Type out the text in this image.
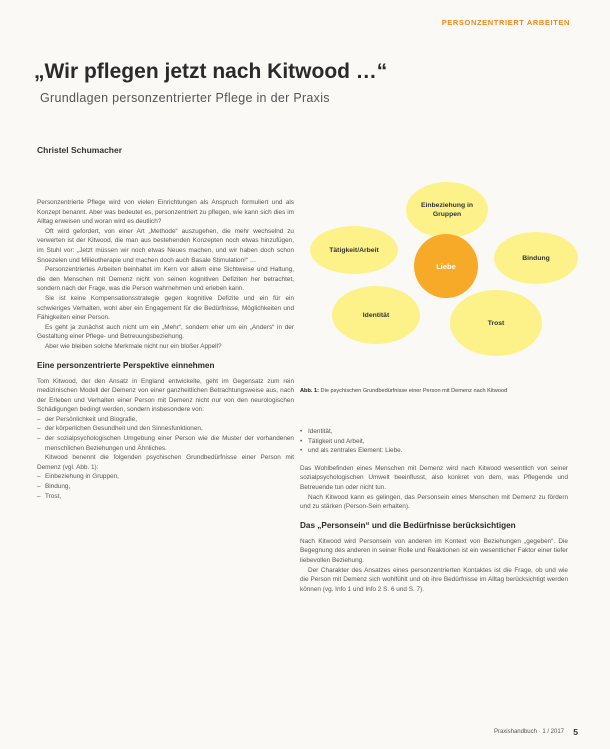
PERSONZENTRIERT ARBEITEN
„Wir pflegen jetzt nach Kitwood …“
Grundlagen personzentrierter Pflege in der Praxis
Christel Schumacher

Personzentrierte Pflege wird von vielen Einrichtungen als Anspruch formuliert und als Konzept benannt. Aber was bedeutet es, personzentriert zu pflegen, wie kann sich dies im Alltag erweisen und woran wird es deutlich?

Oft wird gefordert, von einer Art „Methode“ auszugehen, die mehr wechselnd zu verwerten ist der Kitwood, die man aus bestehenden Konzepten noch etwas hinzufügen, im Stuhl vor: „Jetzt müssen wir noch etwas Neues machen, und wir haben doch schon Snoezelen und Milieutherapie und machen doch auch Basale Stimulation!“ …

Personzentriertes Arbeiten beinhaltet im Kern vor allem eine Sichtweise und Haltung, die den Menschen mit Demenz nicht von seinen kognitiven Defiziten her betrachtet, sondern nach der Frage, was die Person wahrnehmen und erleben kann.

Sie ist keine Kompensationsstrategie gegen kognitive Defizite und ein für ein schwieriges Verhalten, wohl aber ein Engagement für die Bedürfnisse, Möglichkeiten und Fähigkeiten einer Person.

Es geht ja zunächst auch nicht um ein „Mehr“, sondern eher um ein „Anders“ in der Gestaltung einer Pflege- und Betreuungsbeziehung.

Aber wie bleiben solche Merkmale nicht nur ein bloßer Appell?

Eine personzentrierte Perspektive einnehmen

Tom Kitwood, der den Ansatz in England entwickelte, geht im Gegensatz zum rein medizinischen Modell der Demenz von einer ganzheitlichen Betrachtungsweise aus, nach der Erleben und Verhalten einer Person mit Demenz nicht nur von den neurologischen Schädigungen bedingt werden, sondern insbesondere von:

– der Persönlichkeit und Biografie,
– der körperlichen Gesundheit und den Sinnesfunktionen,
– der sozialpsychologischen Umgebung einer Person wie die Muster der vorhandenen menschlichen Beziehungen und Ähnliches.

Kitwood benennt die folgenden psychischen Grundbedürfnisse einer Person mit Demenz (vgl. Abb. 1):

– Einbeziehung in Gruppen,
– Bindung,
– Trost,
Einbeziehung in Gruppen
Tätigkeit/Arbeit
Bindung
Identität
Trost
Liebe
Abb. 1: Die psychischen Grundbedürfnisse einer Person mit Demenz nach Kitwood
• Identität,
• Tätigkeit und Arbeit,
• und als zentrales Element: Liebe.

Das Wohlbefinden eines Menschen mit Demenz wird nach Kitwood wesentlich von seiner sozialpsychologischen Umwelt beeinflusst, also konkret von dem, was Pflegende und Betreuende tun oder nicht tun.

Nach Kitwood kann es gelingen, das Personsein eines Menschen mit Demenz zu fördern und zu stärken (Person-Sein erhalten).

Das „Personsein“ und die Bedürfnisse berücksichtigen

Nach Kitwood wird Personsein von anderen im Kontext von Beziehungen „gegeben“. Die Begegnung des anderen in seiner Rolle und Reaktionen ist ein wesentlicher Faktor einer tiefer liebevollen Beziehung.

Der Charakter des Ansatzes eines personzentrierten Kontaktes ist die Frage, ob und wie die Person mit Demenz sich wohlfühlt und ob ihre Bedürfnisse im Alltag berücksichtigt werden können (vg. Info 1 und Info 2 S. 6 und S. 7).

Praxishandbuch · 1 / 2017 5
